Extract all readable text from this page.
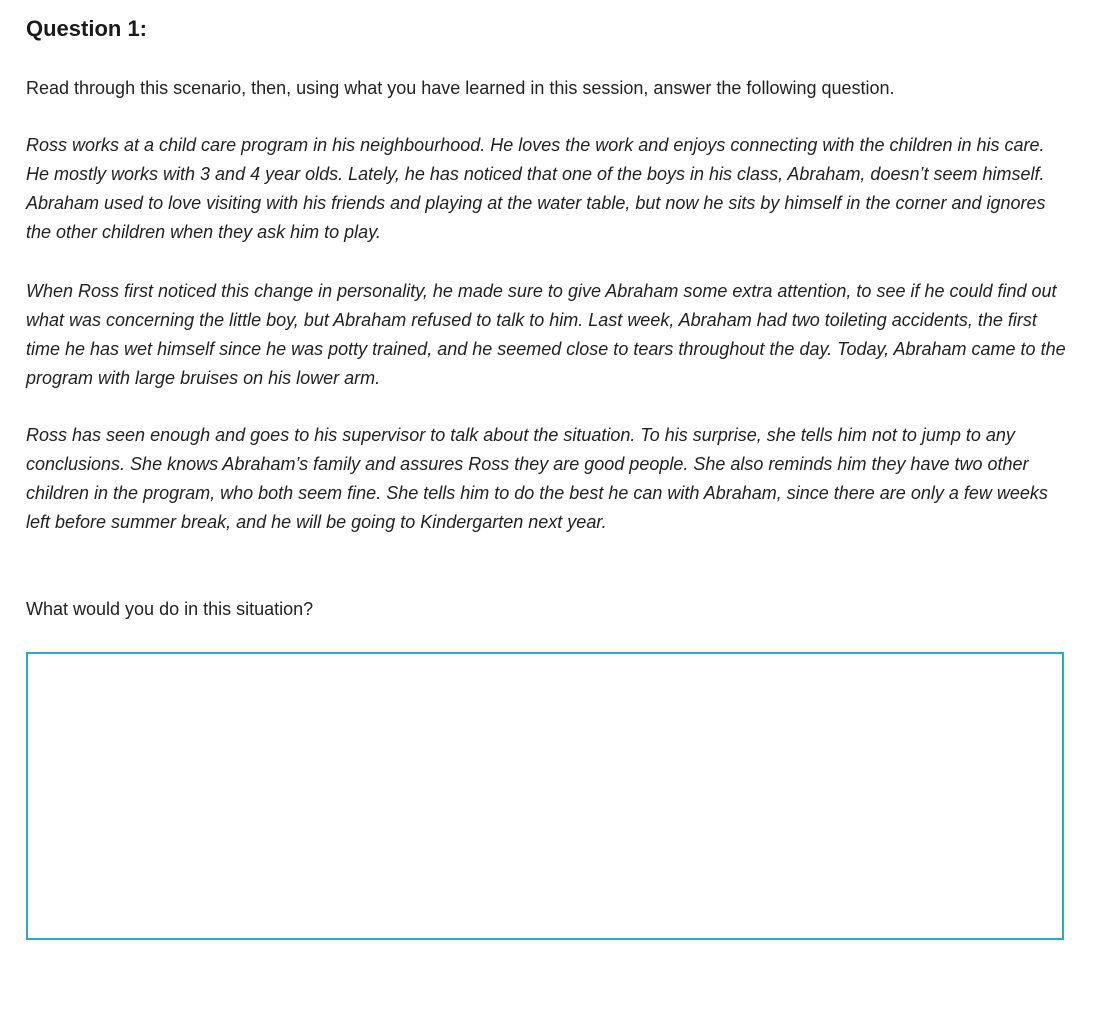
Question 1:

Read through this scenario, then, using what you have learned in this session, answer the following question.

Ross works at a child care program in his neighbourhood. He loves the work and enjoys connecting with the children in his care. He mostly works with 3 and 4 year olds. Lately, he has noticed that one of the boys in his class, Abraham, doesn’t seem himself. Abraham used to love visiting with his friends and playing at the water table, but now he sits by himself in the corner and ignores the other children when they ask him to play.

When Ross first noticed this change in personality, he made sure to give Abraham some extra attention, to see if he could find out what was concerning the little boy, but Abraham refused to talk to him. Last week, Abraham had two toileting accidents, the first time he has wet himself since he was potty trained, and he seemed close to tears throughout the day. Today, Abraham came to the program with large bruises on his lower arm.

Ross has seen enough and goes to his supervisor to talk about the situation. To his surprise, she tells him not to jump to any conclusions. She knows Abraham’s family and assures Ross they are good people. She also reminds him they have two other children in the program, who both seem fine. She tells him to do the best he can with Abraham, since there are only a few weeks left before summer break, and he will be going to Kindergarten next year.

What would you do in this situation?
